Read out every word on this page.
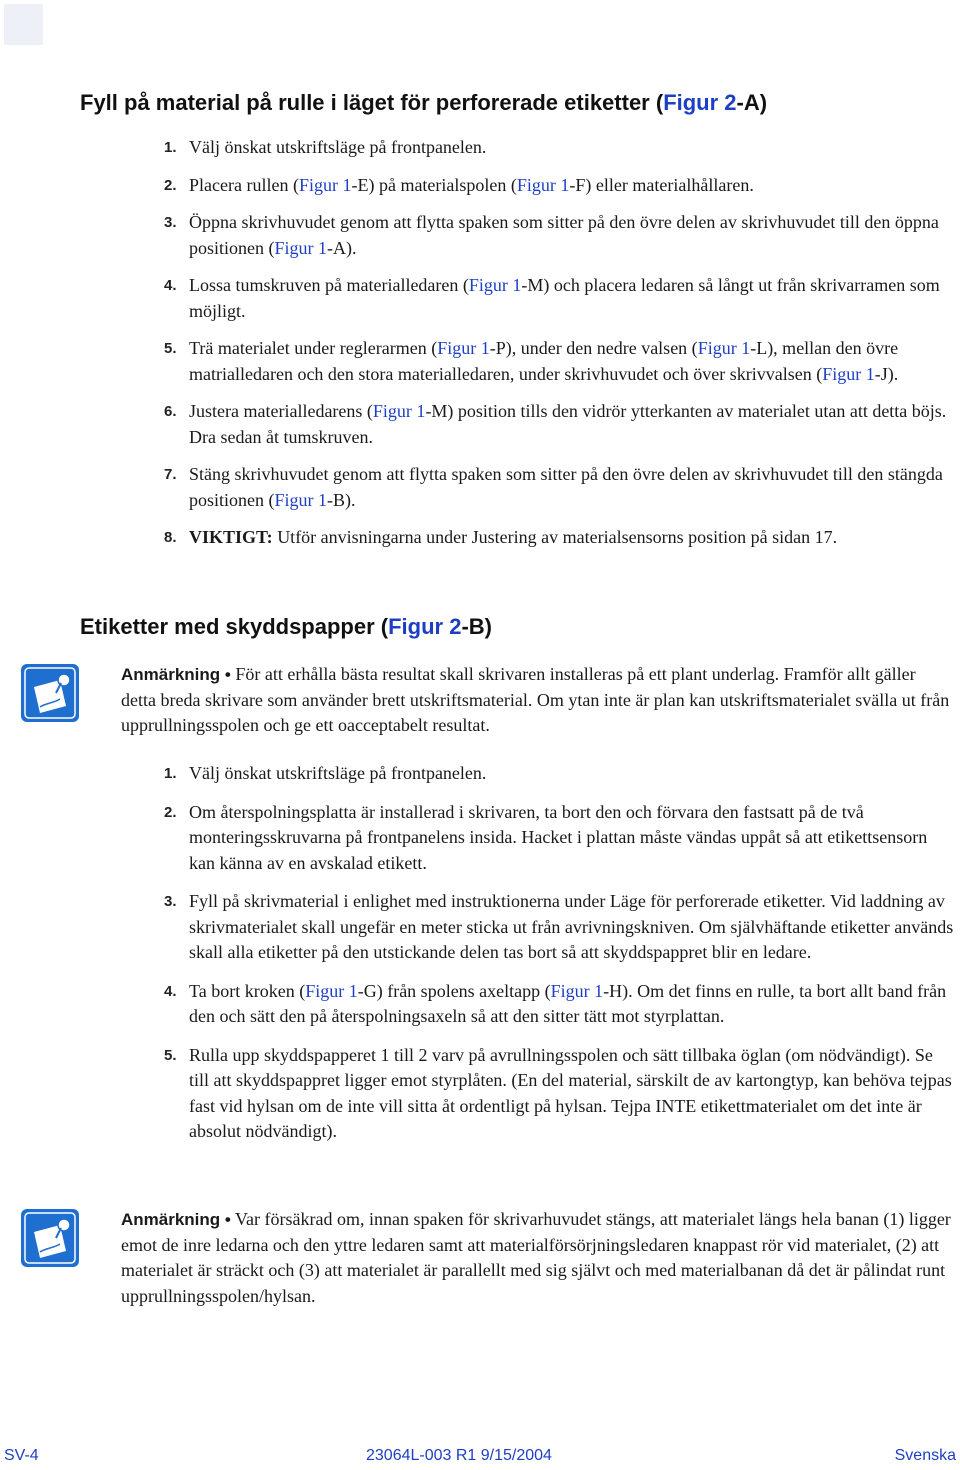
Fyll på material på rulle i läget för perforerade etiketter (Figur 2-A)
1. Välj önskat utskriftsläge på frontpanelen.
2. Placera rullen (Figur 1-E) på materialspolen (Figur 1-F) eller materialhållaren.
3. Öppna skrivhuvudet genom att flytta spaken som sitter på den övre delen av skrivhuvudet till den öppna positionen (Figur 1-A).
4. Lossa tumskruven på materialledaren (Figur 1-M) och placera ledaren så långt ut från skrivarramen som möjligt.
5. Trä materialet under reglerarmen (Figur 1-P), under den nedre valsen (Figur 1-L), mellan den övre matrialledaren och den stora materialledaren, under skrivhuvudet och över skrivvalsen (Figur 1-J).
6. Justera materialledarens (Figur 1-M) position tills den vidrör ytterkanten av materialet utan att detta böjs. Dra sedan åt tumskruven.
7. Stäng skrivhuvudet genom att flytta spaken som sitter på den övre delen av skrivhuvudet till den stängda positionen (Figur 1-B).
8. VIKTIGT: Utför anvisningarna under Justering av materialsensorns position på sidan 17.
Etiketter med skyddspapper (Figur 2-B)
Anmärkning • För att erhålla bästa resultat skall skrivaren installeras på ett plant underlag. Framför allt gäller detta breda skrivare som använder brett utskriftsmaterial. Om ytan inte är plan kan utskriftsmaterialet svälla ut från upprullningsspolen och ge ett oacceptabelt resultat.
1. Välj önskat utskriftsläge på frontpanelen.
2. Om återspolningsplatta är installerad i skrivaren, ta bort den och förvara den fastsatt på de två monteringsskruvarna på frontpanelens insida. Hacket i plattan måste vändas uppåt så att etikettsensorn kan känna av en avskalad etikett.
3. Fyll på skrivmaterial i enlighet med instruktionerna under Läge för perforerade etiketter. Vid laddning av skrivmaterialet skall ungefär en meter sticka ut från avrivningskniven. Om självhäftande etiketter används skall alla etiketter på den utstickande delen tas bort så att skyddspappret blir en ledare.
4. Ta bort kroken (Figur 1-G) från spolens axeltapp (Figur 1-H). Om det finns en rulle, ta bort allt band från den och sätt den på återspolningsaxeln så att den sitter tätt mot styrplattan.
5. Rulla upp skyddspapperet 1 till 2 varv på avrullningsspolen och sätt tillbaka öglan (om nödvändigt). Se till att skyddspappret ligger emot styrplåten. (En del material, särskilt de av kartongtyp, kan behöva tejpas fast vid hylsan om de inte vill sitta åt ordentligt på hylsan. Tejpa INTE etikettmaterialet om det inte är absolut nödvändigt).
Anmärkning • Var försäkrad om, innan spaken för skrivarhuvudet stängs, att materialet längs hela banan (1) ligger emot de inre ledarna och den yttre ledaren samt att materialförsörjningsledaren knappast rör vid materialet, (2) att materialet är sträckt och (3) att materialet är parallellt med sig självt och med materialbanan då det är pålindat runt upprullningsspolen/hylsan.
SV-4	23064L-003 R1 9/15/2004	Svenska
